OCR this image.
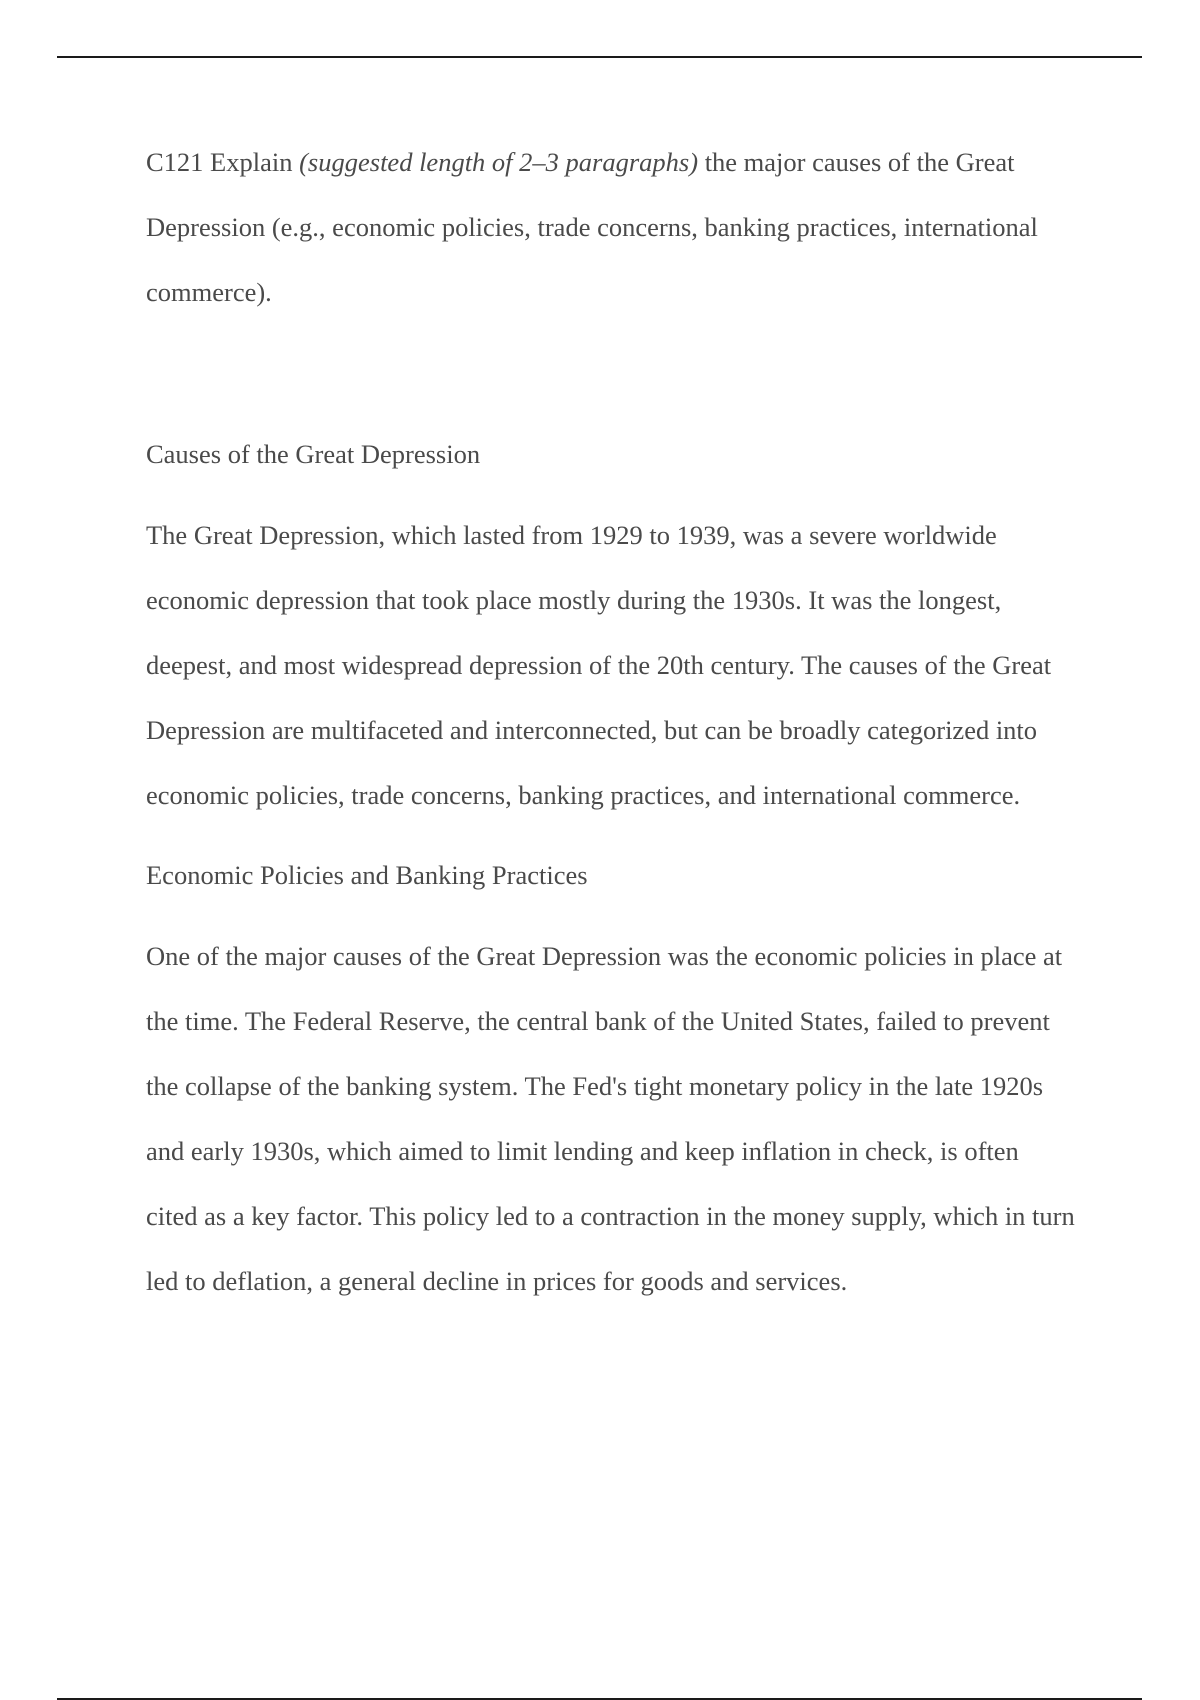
C121 Explain (suggested length of 2–3 paragraphs) the major causes of the Great Depression (e.g., economic policies, trade concerns, banking practices, international commerce).

Causes of the Great Depression

The Great Depression, which lasted from 1929 to 1939, was a severe worldwide economic depression that took place mostly during the 1930s. It was the longest, deepest, and most widespread depression of the 20th century. The causes of the Great Depression are multifaceted and interconnected, but can be broadly categorized into economic policies, trade concerns, banking practices, and international commerce.

Economic Policies and Banking Practices

One of the major causes of the Great Depression was the economic policies in place at the time. The Federal Reserve, the central bank of the United States, failed to prevent the collapse of the banking system. The Fed's tight monetary policy in the late 1920s and early 1930s, which aimed to limit lending and keep inflation in check, is often cited as a key factor. This policy led to a contraction in the money supply, which in turn led to deflation, a general decline in prices for goods and services.
